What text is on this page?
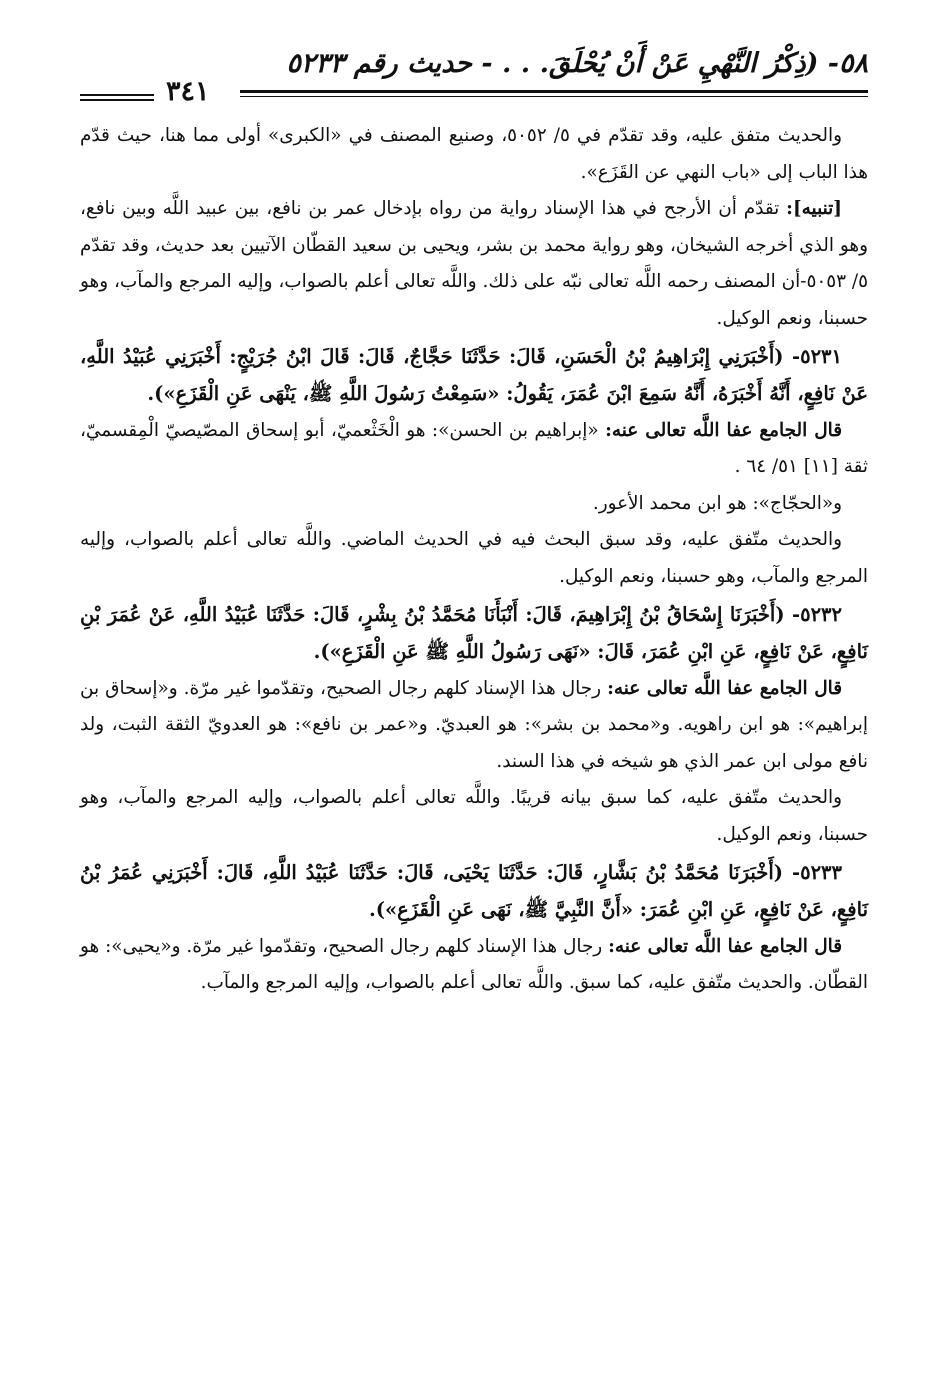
٥٨- (ذِكْرُ النَّهْيِ عَنْ أَنْ يُحْلَقَ. . . - حديث رقم ٥٢٣٣
٣٤١

والحديث متفق عليه، وقد تقدّم في ٥/ ٥٠٥٢، وصنيع المصنف في «الكبرى» أولى مما هنا، حيث قدّم هذا الباب إلى «باب النهي عن القَزَع».

[تنبيه]: تقدّم أن الأرجح في هذا الإسناد رواية من رواه بإدخال عمر بن نافع، بين عبيد اللَّه وبين نافع، وهو الذي أخرجه الشيخان، وهو رواية محمد بن بشر، ويحيى بن سعيد القطّان الآتيين بعد حديث، وقد تقدّم ٥/ ٥٠٥٣-أن المصنف رحمه اللَّه تعالى نبّه على ذلك. واللَّه تعالى أعلم بالصواب، وإليه المرجع والمآب، وهو حسبنا، ونعم الوكيل.

٥٢٣١- (أَخْبَرَنِي إِبْرَاهِيمُ بْنُ الْحَسَنِ، قَالَ: حَدَّثَنَا حَجَّاجٌ، قَالَ: قَالَ ابْنُ جُرَيْجٍ: أَخْبَرَنِي عُبَيْدُ اللَّهِ، عَنْ نَافِعٍ، أَنَّهُ أَخْبَرَهُ، أَنَّهُ سَمِعَ ابْنَ عُمَرَ، يَقُولُ: «سَمِعْتُ رَسُولَ اللَّهِ ﷺ، يَنْهَى عَنِ الْقَزَعِ»).

قال الجامع عفا اللَّه تعالى عنه: «إبراهيم بن الحسن»: هو الْخَثْعميّ، أبو إسحاق المصّيصيّ الْمِقسميّ، ثقة [١١] ٥١/ ٦٤ .

و«الحجّاج»: هو ابن محمد الأعور.

والحديث متّفق عليه، وقد سبق البحث فيه في الحديث الماضي. واللَّه تعالى أعلم بالصواب، وإليه المرجع والمآب، وهو حسبنا، ونعم الوكيل.

٥٢٣٢- (أَخْبَرَنَا إِسْحَاقُ بْنُ إِبْرَاهِيمَ، قَالَ: أَنْبَأَنَا مُحَمَّدُ بْنُ بِشْرٍ، قَالَ: حَدَّثَنَا عُبَيْدُ اللَّهِ، عَنْ عُمَرَ بْنِ نَافِعٍ، عَنْ نَافِعٍ، عَنِ ابْنِ عُمَرَ، قَالَ: «نَهَى رَسُولُ اللَّهِ ﷺ عَنِ الْقَزَعِ»).

قال الجامع عفا اللَّه تعالى عنه: رجال هذا الإسناد كلهم رجال الصحيح، وتقدّموا غير مرّة. و«إسحاق بن إبراهيم»: هو ابن راهويه. و«محمد بن بشر»: هو العبديّ. و«عمر بن نافع»: هو العدويّ الثقة الثبت، ولد نافع مولى ابن عمر الذي هو شيخه في هذا السند.

والحديث متّفق عليه، كما سبق بيانه قريبًا. واللَّه تعالى أعلم بالصواب، وإليه المرجع والمآب، وهو حسبنا، ونعم الوكيل.

٥٢٣٣- (أَخْبَرَنَا مُحَمَّدُ بْنُ بَشَّارٍ، قَالَ: حَدَّثَنَا يَحْيَى، قَالَ: حَدَّثَنَا عُبَيْدُ اللَّهِ، قَالَ: أَخْبَرَنِي عُمَرُ بْنُ نَافِعٍ، عَنْ نَافِعٍ، عَنِ ابْنِ عُمَرَ: «أَنَّ النَّبِيَّ ﷺ، نَهَى عَنِ الْقَزَعِ»).

قال الجامع عفا اللَّه تعالى عنه: رجال هذا الإسناد كلهم رجال الصحيح، وتقدّموا غير مرّة. و«يحيى»: هو القطّان. والحديث متّفق عليه، كما سبق. واللَّه تعالى أعلم بالصواب، وإليه المرجع والمآب.
